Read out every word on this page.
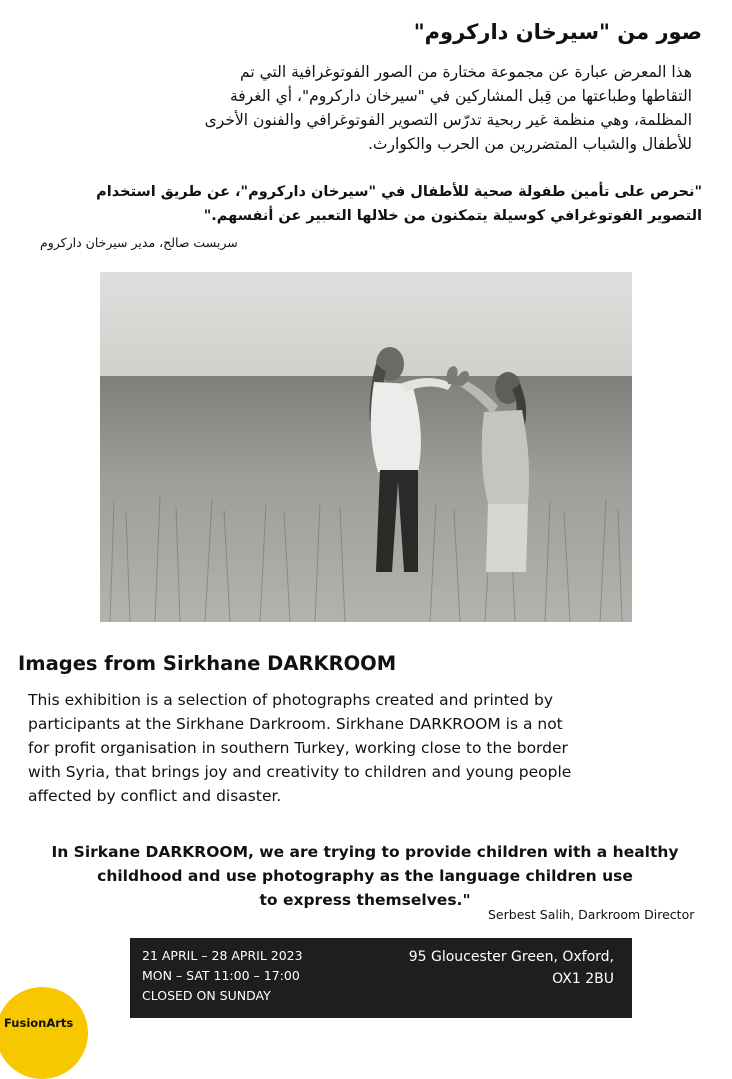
صور من "سيرخان داركروم"
هذا المعرض عبارة عن مجموعة مختارة من الصور الفوتوغرافية التي تم
التقاطها وطباعتها من قِبل المشاركين في "سيرخان داركروم"، أي الغرفة
المظلمة، وهي منظمة غير ربحية تدرّس التصوير الفوتوغرافي والفنون الأخرى
للأطفال والشباب المتضررين من الحرب والكوارث.
"نحرص على تأمين طفولة صحية للأطفال في "سيرخان داركروم"، عن طريق استخدام
التصوير الفوتوغرافي كوسيلة يتمكنون من خلالها التعبير عن أنفسهم."
سربست صالح، مدير سيرخان داركروم
Images from Sirkhane DARKROOM
This exhibition is a selection of photographs created and printed by
participants at the Sirkhane Darkroom. Sirkhane DARKROOM is a not
for profit organisation in southern Turkey, working close to the border
with Syria, that brings joy and creativity to children and young people
affected by conflict and disaster.
In Sirkane DARKROOM, we are trying to provide children with a healthy
childhood and use photography as the language children use
to express themselves."
Serbest Salih, Darkroom Director
21 APRIL – 28 APRIL 2023
MON – SAT 11:00 – 17:00
CLOSED ON SUNDAY
95 Gloucester Green, Oxford,
OX1 2BU
FusionArts
